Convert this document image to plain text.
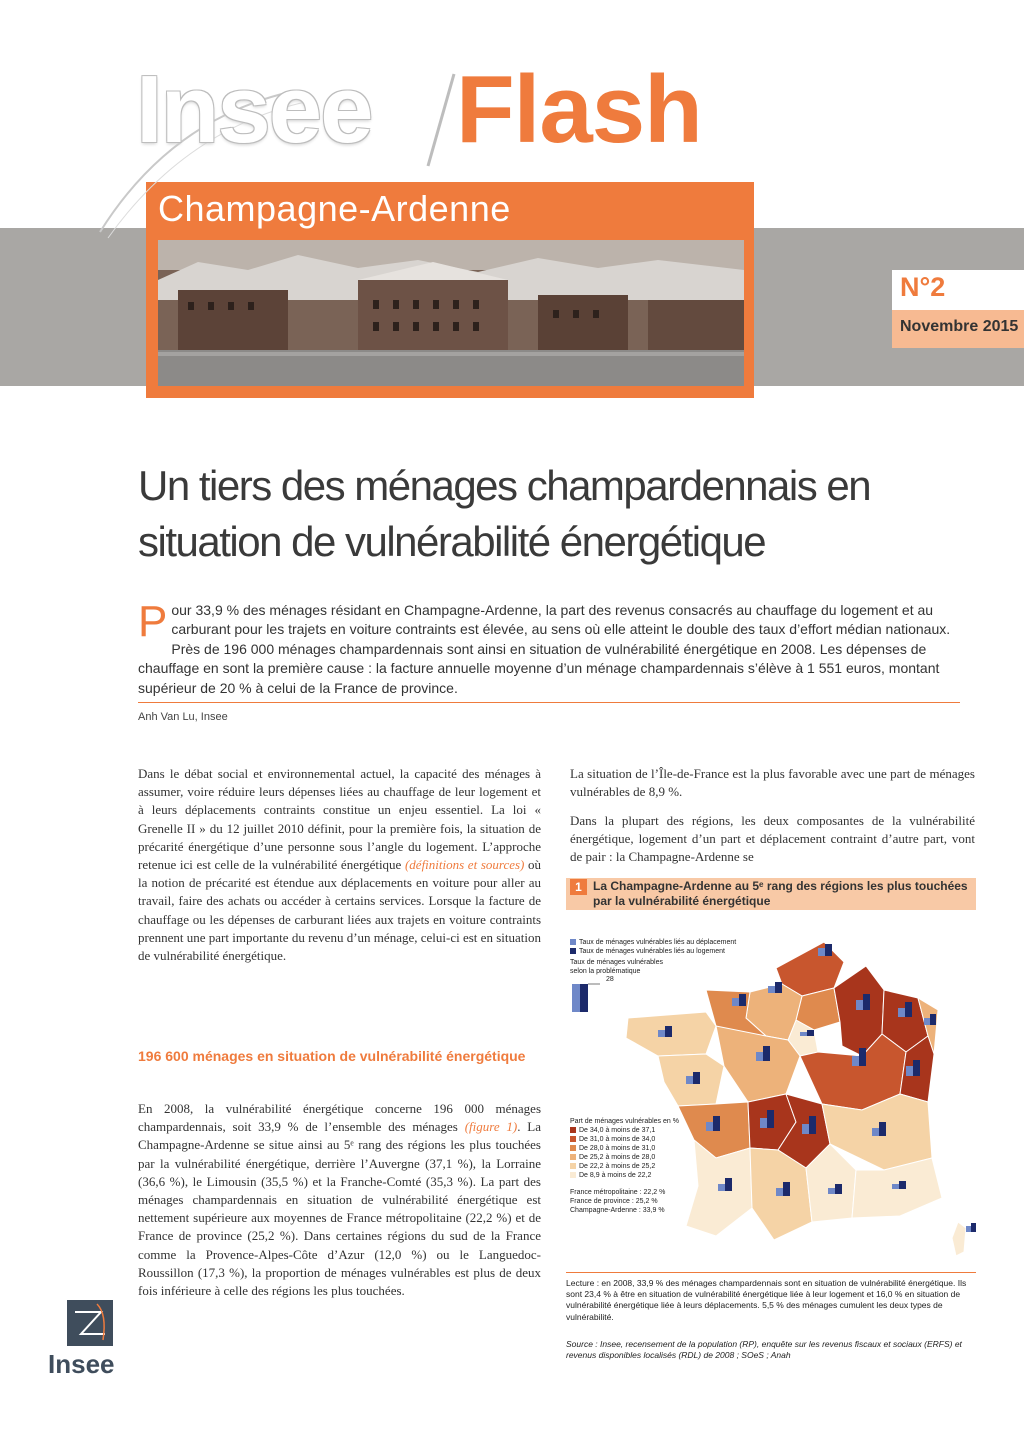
Insee Flash
Champagne-Ardenne
N°2
Novembre 2015
Un tiers des ménages champardennais en
situation de vulnérabilité énergétique
P our 33,9 % des ménages résidant en Champagne-Ardenne, la part des revenus consacrés au chauffage du logement et au carburant pour les trajets en voiture contraints est élevée, au sens où elle atteint le double des taux d’effort médian nationaux. Près de 196 000 ménages champardennais sont ainsi en situation de vulnérabilité énergétique en 2008. Les dépenses de chauffage en sont la première cause : la facture annuelle moyenne d’un ménage champardennais s’élève à 1 551 euros, montant supérieur de 20 % à celui de la France de province.
Anh Van Lu, Insee
Dans le débat social et environnemental actuel, la capacité des ménages à assumer, voire réduire leurs dépenses liées au chauffage de leur logement et à leurs déplacements contraints constitue un enjeu essentiel. La loi « Grenelle II » du 12 juillet 2010 définit, pour la première fois, la situation de précarité énergétique d’une personne sous l’angle du logement. L’approche retenue ici est celle de la vulnérabilité énergétique (définitions et sources) où la notion de précarité est étendue aux déplacements en voiture pour aller au travail, faire des achats ou accéder à certains services. Lorsque la facture de chauffage ou les dépenses de carburant liées aux trajets en voiture contraints prennent une part importante du revenu d’un ménage, celui-ci est en situation de vulnérabilité énergétique.
196 600 ménages en situation de vulnérabilité énergétique
En 2008, la vulnérabilité énergétique concerne 196 000 ménages champardennais, soit 33,9 % de l’ensemble des ménages (figure 1). La Champagne-Ardenne se situe ainsi au 5ᵉ rang des régions les plus touchées par la vulnérabilité énergétique, derrière l’Auvergne (37,1 %), la Lorraine (36,6 %), le Limousin (35,5 %) et la Franche-Comté (35,3 %). La part des ménages champardennais en situation de vulnérabilité énergétique est nettement supérieure aux moyennes de France métropolitaine (22,2 %) et de France de province (25,2 %). Dans certaines régions du sud de la France comme la Provence-Alpes-Côte d’Azur (12,0 %) ou le Languedoc-Roussillon (17,3 %), la proportion de ménages vulnérables est plus de deux fois inférieure à celle des régions les plus touchées.
La situation de l’Île-de-France est la plus favorable avec une part de ménages vulnérables de 8,9 %.
Dans la plupart des régions, les deux composantes de la vulnérabilité énergétique, logement d’un part et déplacement contraint d’autre part, vont de pair : la Champagne-Ardenne se
1 La Champagne-Ardenne au 5ᵉ rang des régions les plus touchées par la vulnérabilité énergétique
Taux de ménages vulnérables liés au déplacement
Taux de ménages vulnérables liés au logement
Taux de ménages vulnérables selon la problématique
28
Part de ménages vulnérables en %
De 34,0 à moins de 37,1
De 31,0 à moins de 34,0
De 28,0 à moins de 31,0
De 25,2 à moins de 28,0
De 22,2 à moins de 25,2
De 8,9 à moins de 22,2
France métropolitaine : 22,2 %
France de province : 25,2 %
Champagne-Ardenne : 33,9 %
Lecture : en 2008, 33,9 % des ménages champardennais sont en situation de vulnérabilité énergétique. Ils sont 23,4 % à être en situation de vulnérabilité énergétique liée à leur logement et 16,0 % en situation de vulnérabilité énergétique liée à leurs déplacements. 5,5 % des ménages cumulent les deux types de vulnérabilité.
Source : Insee, recensement de la population (RP), enquête sur les revenus fiscaux et sociaux (ERFS) et revenus disponibles localisés (RDL) de 2008 ; SOeS ; Anah
Insee
